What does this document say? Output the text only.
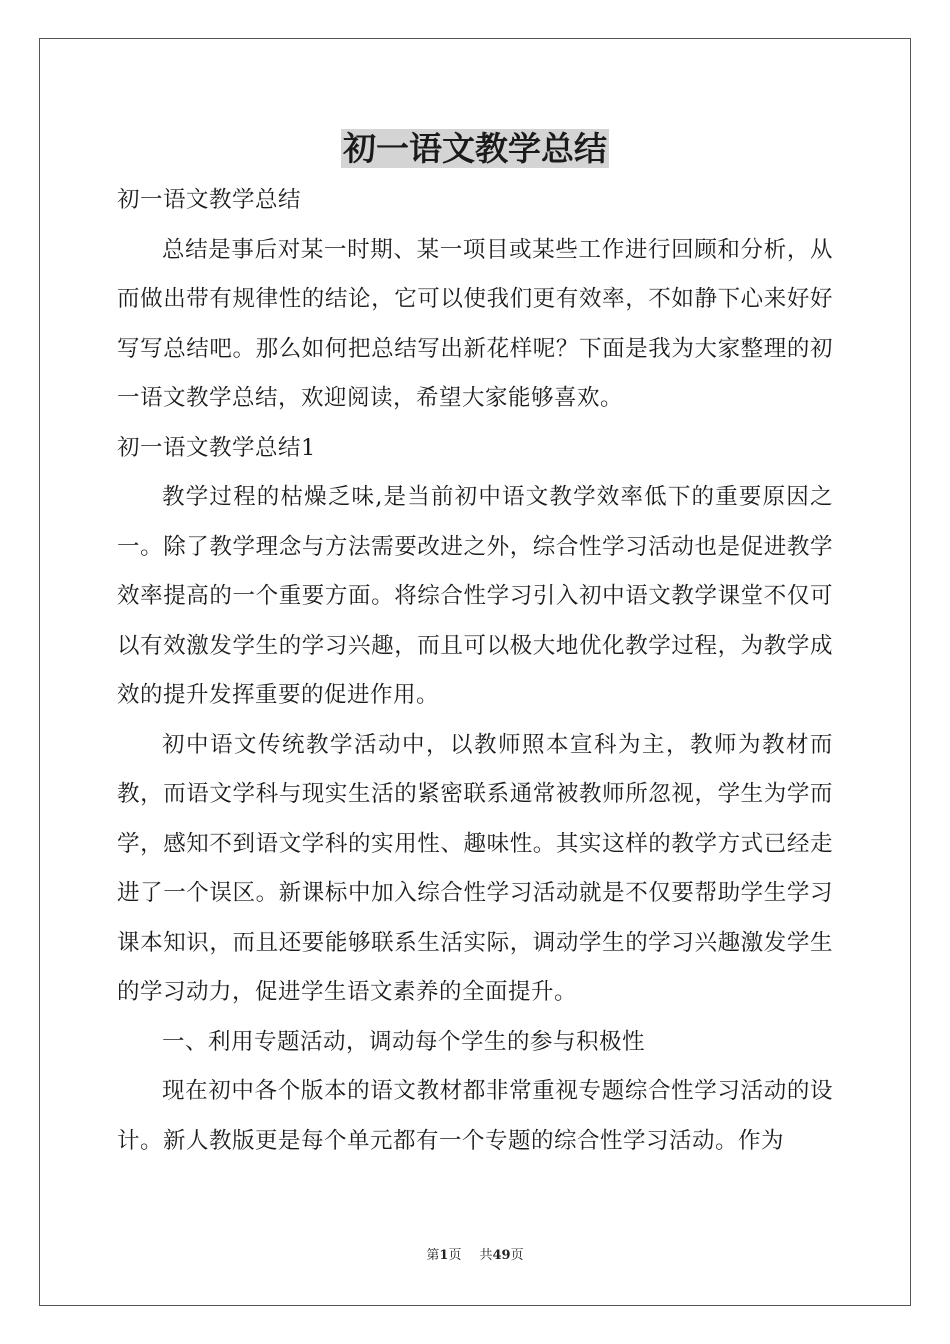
初一语文教学总结

初一语文教学总结

总结是事后对某一时期、某一项目或某些工作进行回顾和分析，从而做出带有规律性的结论，它可以使我们更有效率，不如静下心来好好写写总结吧。那么如何把总结写出新花样呢？下面是我为大家整理的初一语文教学总结，欢迎阅读，希望大家能够喜欢。

初一语文教学总结1

教学过程的枯燥乏味,是当前初中语文教学效率低下的重要原因之一。除了教学理念与方法需要改进之外，综合性学习活动也是促进教学效率提高的一个重要方面。将综合性学习引入初中语文教学课堂不仅可以有效激发学生的学习兴趣，而且可以极大地优化教学过程，为教学成效的提升发挥重要的促进作用。

初中语文传统教学活动中，以教师照本宣科为主，教师为教材而教，而语文学科与现实生活的紧密联系通常被教师所忽视，学生为学而学，感知不到语文学科的实用性、趣味性。其实这样的教学方式已经走进了一个误区。新课标中加入综合性学习活动就是不仅要帮助学生学习课本知识，而且还要能够联系生活实际，调动学生的学习兴趣激发学生的学习动力，促进学生语文素养的全面提升。

一、利用专题活动，调动每个学生的参与积极性

现在初中各个版本的语文教材都非常重视专题综合性学习活动的设计。新人教版更是每个单元都有一个专题的综合性学习活动。作为

第1页 共49页
